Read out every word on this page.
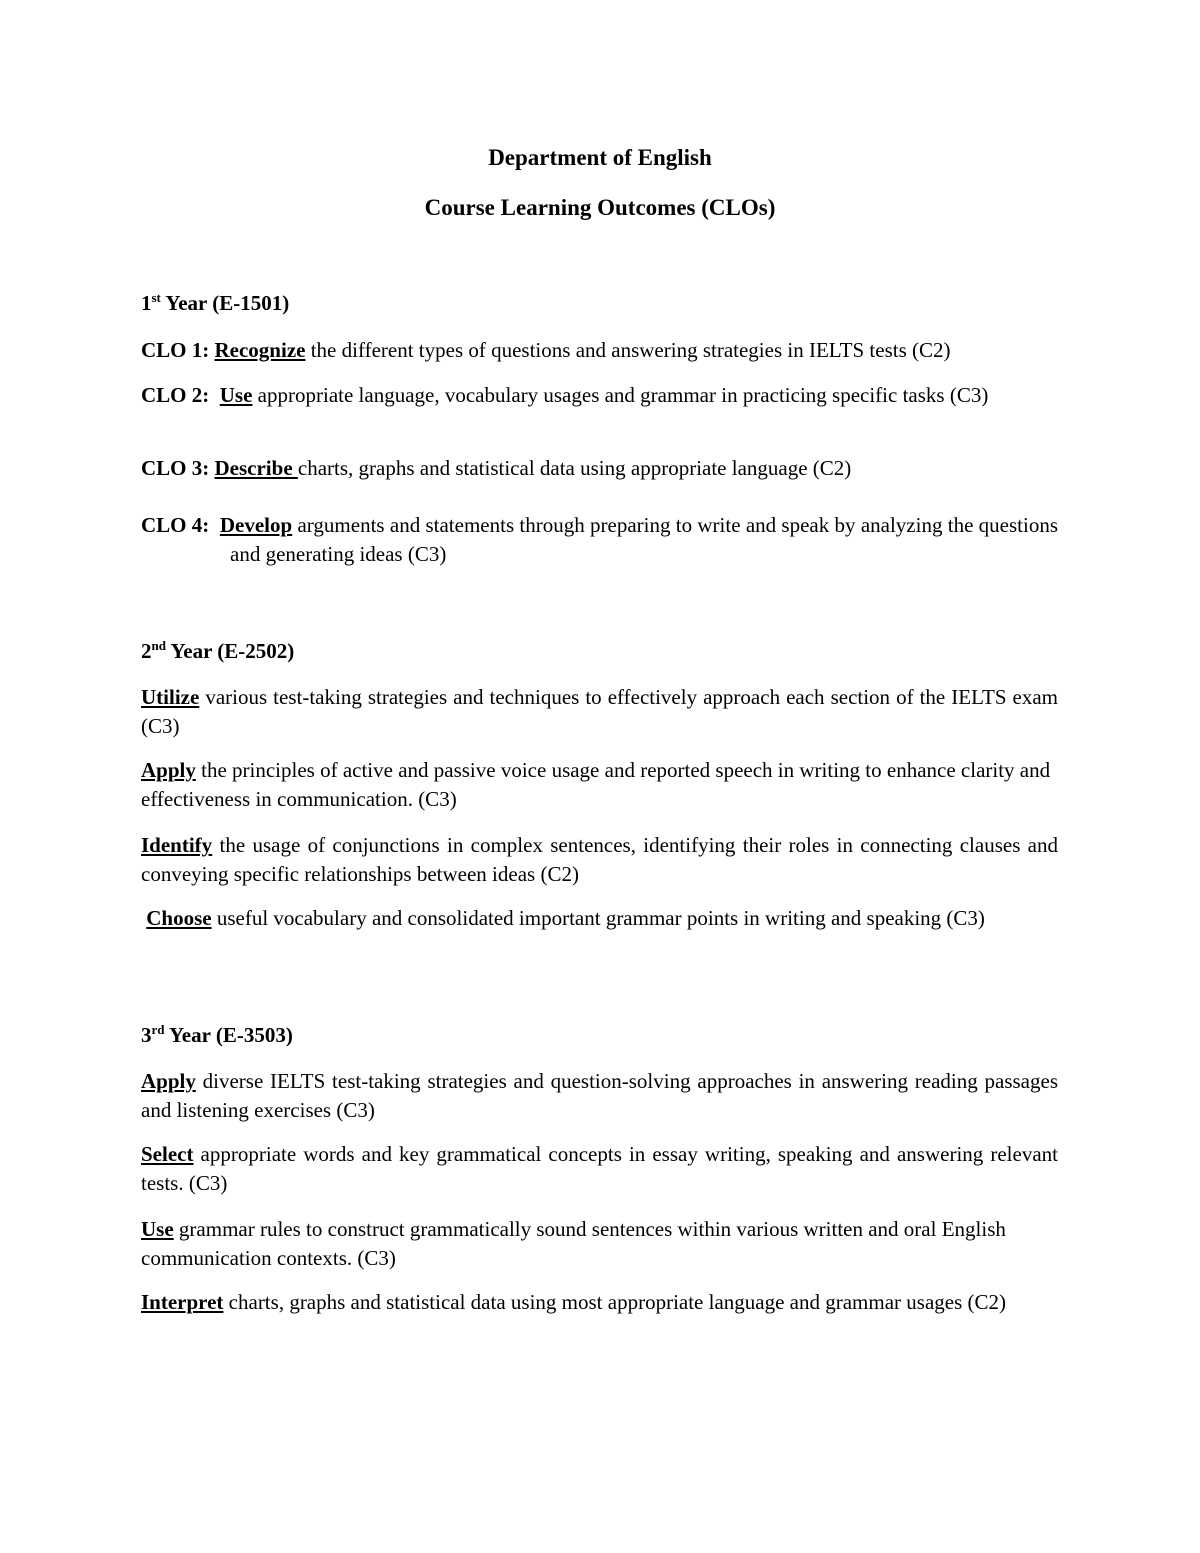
Department of English
Course Learning Outcomes (CLOs)
1st Year (E-1501)

CLO 1: Recognize the different types of questions and answering strategies in IELTS tests (C2)

CLO 2: Use appropriate language, vocabulary usages and grammar in practicing specific tasks (C3)

CLO 3: Describe charts, graphs and statistical data using appropriate language (C2)

CLO 4: Develop arguments and statements through preparing to write and speak by analyzing the questions and generating ideas (C3)

2nd Year (E-2502)

Utilize various test-taking strategies and techniques to effectively approach each section of the IELTS exam (C3)

Apply the principles of active and passive voice usage and reported speech in writing to enhance clarity and effectiveness in communication. (C3)

Identify the usage of conjunctions in complex sentences, identifying their roles in connecting clauses and conveying specific relationships between ideas (C2)

Choose useful vocabulary and consolidated important grammar points in writing and speaking (C3)

3rd Year (E-3503)

Apply diverse IELTS test-taking strategies and question-solving approaches in answering reading passages and listening exercises (C3)

Select appropriate words and key grammatical concepts in essay writing, speaking and answering relevant tests. (C3)

Use grammar rules to construct grammatically sound sentences within various written and oral English communication contexts. (C3)

Interpret charts, graphs and statistical data using most appropriate language and grammar usages (C2)
